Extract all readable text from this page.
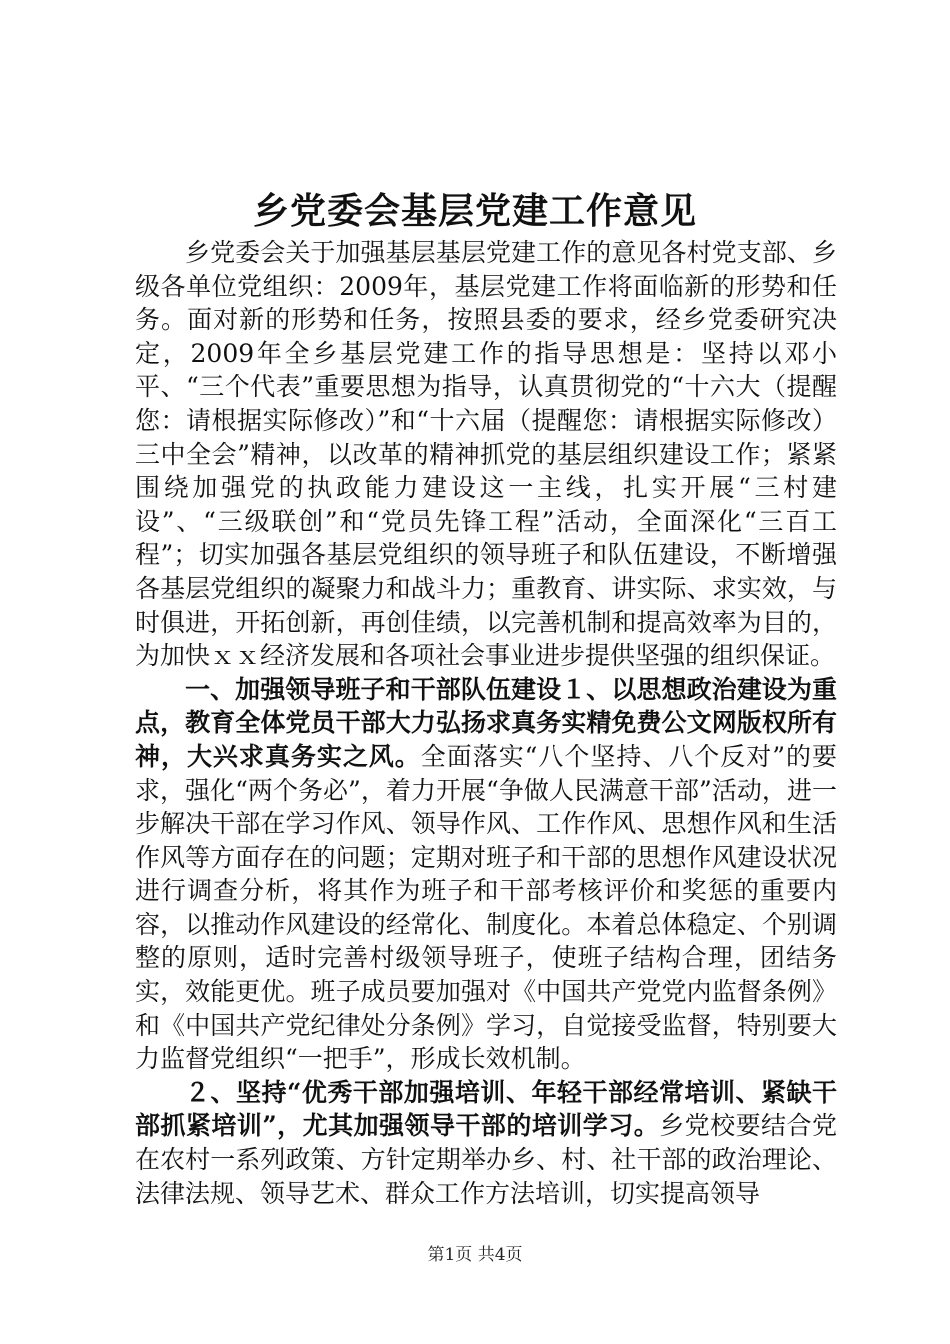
乡党委会基层党建工作意见

乡党委会关于加强基层基层党建工作的意见各村党支部、乡级各单位党组织：2009年，基层党建工作将面临新的形势和任务。面对新的形势和任务，按照县委的要求，经乡党委研究决定，2009年全乡基层党建工作的指导思想是：坚持以邓小平、“三个代表”重要思想为指导，认真贯彻党的“十六大（提醒您：请根据实际修改）”和“十六届（提醒您：请根据实际修改）三中全会”精神，以改革的精神抓党的基层组织建设工作；紧紧围绕加强党的执政能力建设这一主线，扎实开展“三村建设”、“三级联创”和“党员先锋工程”活动，全面深化“三百工程”；切实加强各基层党组织的领导班子和队伍建设，不断增强各基层党组织的凝聚力和战斗力；重教育、讲实际、求实效，与时俱进，开拓创新，再创佳绩，以完善机制和提高效率为目的，为加快ｘｘ经济发展和各项社会事业进步提供坚强的组织保证。

一、加强领导班子和干部队伍建设１、以思想政治建设为重点，教育全体党员干部大力弘扬求真务实精免费公文网版权所有神，大兴求真务实之风。全面落实“八个坚持、八个反对”的要求，强化“两个务必”，着力开展“争做人民满意干部”活动，进一步解决干部在学习作风、领导作风、工作作风、思想作风和生活作风等方面存在的问题；定期对班子和干部的思想作风建设状况进行调查分析，将其作为班子和干部考核评价和奖惩的重要内容，以推动作风建设的经常化、制度化。本着总体稳定、个别调整的原则，适时完善村级领导班子，使班子结构合理，团结务实，效能更优。班子成员要加强对《中国共产党党内监督条例》和《中国共产党纪律处分条例》学习，自觉接受监督，特别要大力监督党组织“一把手”，形成长效机制。

２、坚持“优秀干部加强培训、年轻干部经常培训、紧缺干部抓紧培训”，尤其加强领导干部的培训学习。乡党校要结合党在农村一系列政策、方针定期举办乡、村、社干部的政治理论、法律法规、领导艺术、群众工作方法培训，切实提高领导

第1页 共4页
